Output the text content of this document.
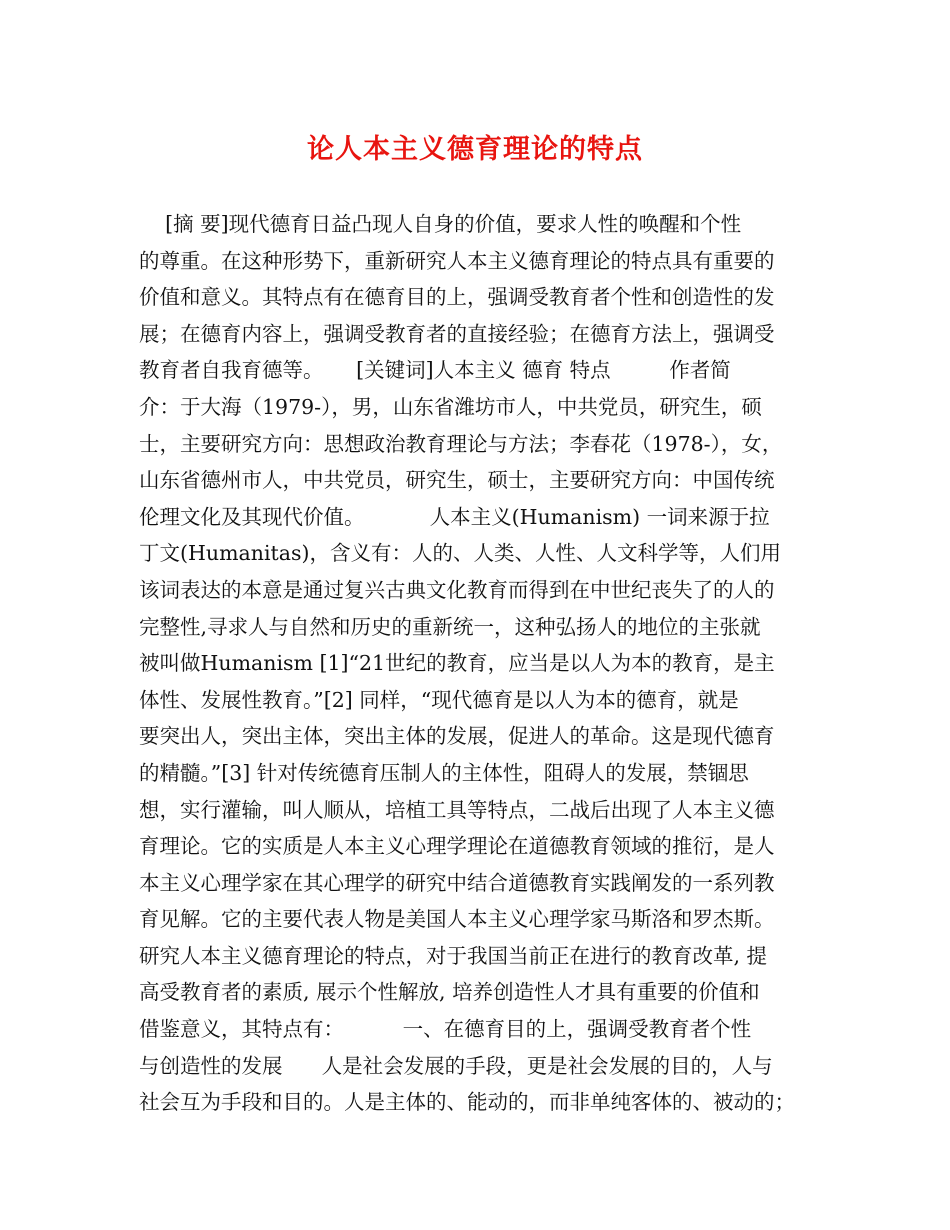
论人本主义德育理论的特点
[摘 要]现代德育日益凸现人自身的价值，要求人性的唤醒和个性
的尊重。在这种形势下，重新研究人本主义德育理论的特点具有重要的
价值和意义。其特点有在德育目的上，强调受教育者个性和创造性的发
展；在德育内容上，强调受教育者的直接经验；在德育方法上，强调受
教育者自我育德等。     [关键词]人本主义 德育 特点         作者简
介：于大海（1979-），男，山东省潍坊市人，中共党员，研究生，硕
士，主要研究方向：思想政治教育理论与方法；李春花（1978-），女，
山东省德州市人，中共党员，研究生，硕士，主要研究方向：中国传统
伦理文化及其现代价值。          人本主义(Humanism) 一词来源于拉
丁文(Humanitas)，含义有：人的、人类、人性、人文科学等，人们用
该词表达的本意是通过复兴古典文化教育而得到在中世纪丧失了的人的
完整性,寻求人与自然和历史的重新统一，这种弘扬人的地位的主张就
被叫做Humanism [1]“21世纪的教育，应当是以人为本的教育，是主
体性、发展性教育。”[2] 同样，“现代德育是以人为本的德育，就是
要突出人，突出主体，突出主体的发展，促进人的革命。这是现代德育
的精髓。”[3] 针对传统德育压制人的主体性，阻碍人的发展，禁锢思
想，实行灌输，叫人顺从，培植工具等特点，二战后出现了人本主义德
育理论。它的实质是人本主义心理学理论在道德教育领域的推衍，是人
本主义心理学家在其心理学的研究中结合道德教育实践阐发的一系列教
育见解。它的主要代表人物是美国人本主义心理学家马斯洛和罗杰斯。
研究人本主义德育理论的特点，对于我国当前正在进行的教育改革, 提
高受教育者的素质, 展示个性解放, 培养创造性人才具有重要的价值和
借鉴意义，其特点有：         一、在德育目的上，强调受教育者个性
与创造性的发展      人是社会发展的手段，更是社会发展的目的，人与
社会互为手段和目的。人是主体的、能动的，而非单纯客体的、被动的；
